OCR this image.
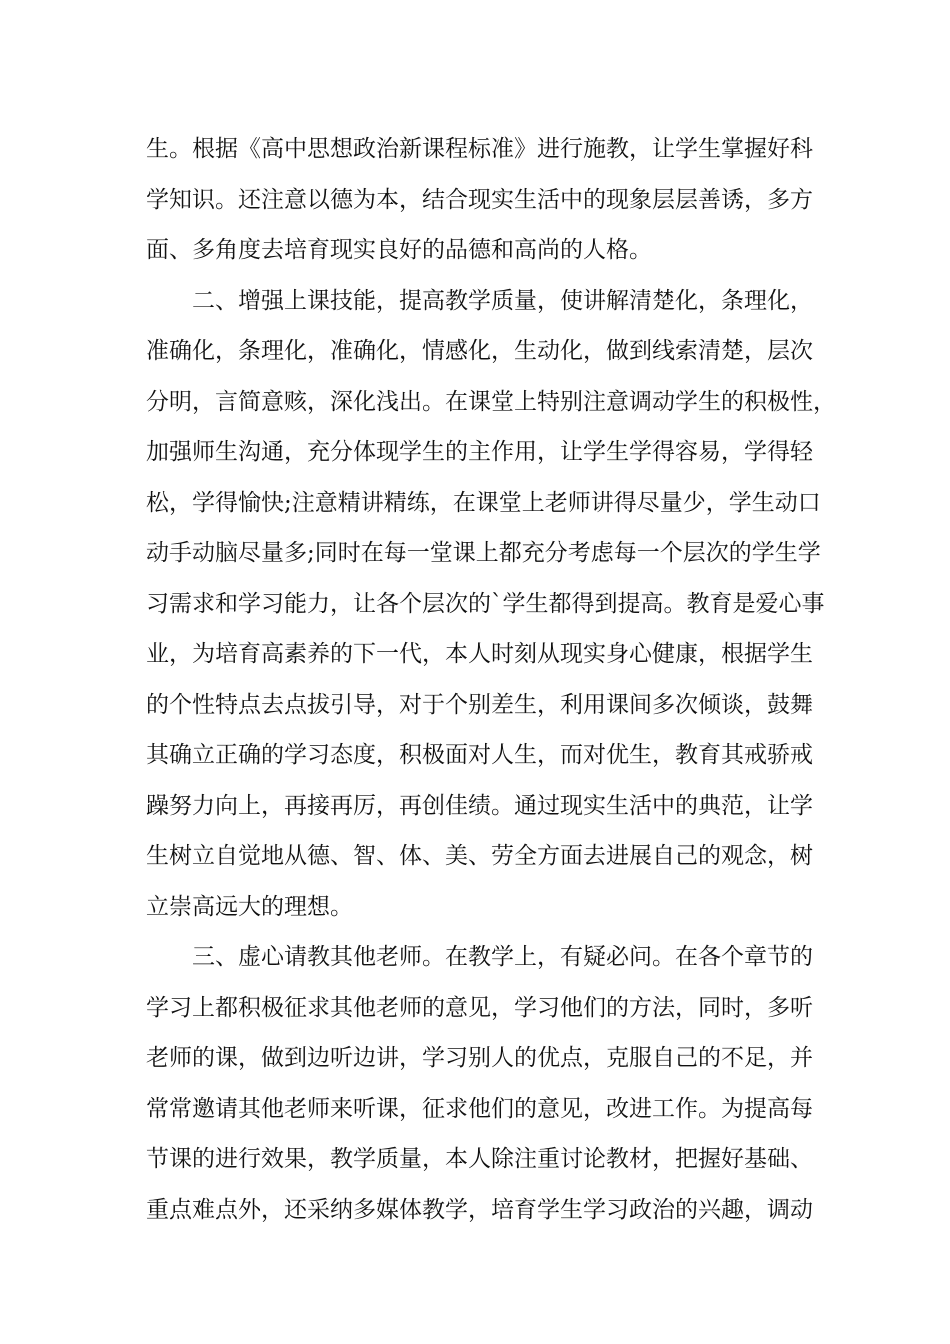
生。根据《高中思想政治新课程标准》进行施教，让学生掌握好科
学知识。还注意以德为本，结合现实生活中的现象层层善诱，多方
面、多角度去培育现实良好的品德和高尚的人格。
二、增强上课技能，提高教学质量，使讲解清楚化，条理化，
准确化，条理化，准确化，情感化，生动化，做到线索清楚，层次
分明，言简意赅，深化浅出。在课堂上特别注意调动学生的积极性，
加强师生沟通，充分体现学生的主作用，让学生学得容易，学得轻
松，学得愉快;注意精讲精练，在课堂上老师讲得尽量少，学生动口
动手动脑尽量多;同时在每一堂课上都充分考虑每一个层次的学生学
习需求和学习能力，让各个层次的`学生都得到提高。教育是爱心事
业，为培育高素养的下一代，本人时刻从现实身心健康，根据学生
的个性特点去点拔引导，对于个别差生，利用课间多次倾谈，鼓舞
其确立正确的学习态度，积极面对人生，而对优生，教育其戒骄戒
躁努力向上，再接再厉，再创佳绩。通过现实生活中的典范，让学
生树立自觉地从德、智、体、美、劳全方面去进展自己的观念，树
立崇高远大的理想。
三、虚心请教其他老师。在教学上，有疑必问。在各个章节的
学习上都积极征求其他老师的意见，学习他们的方法，同时，多听
老师的课，做到边听边讲，学习别人的优点，克服自己的不足，并
常常邀请其他老师来听课，征求他们的意见，改进工作。为提高每
节课的进行效果，教学质量，本人除注重讨论教材，把握好基础、
重点难点外，还采纳多媒体教学，培育学生学习政治的兴趣，调动
